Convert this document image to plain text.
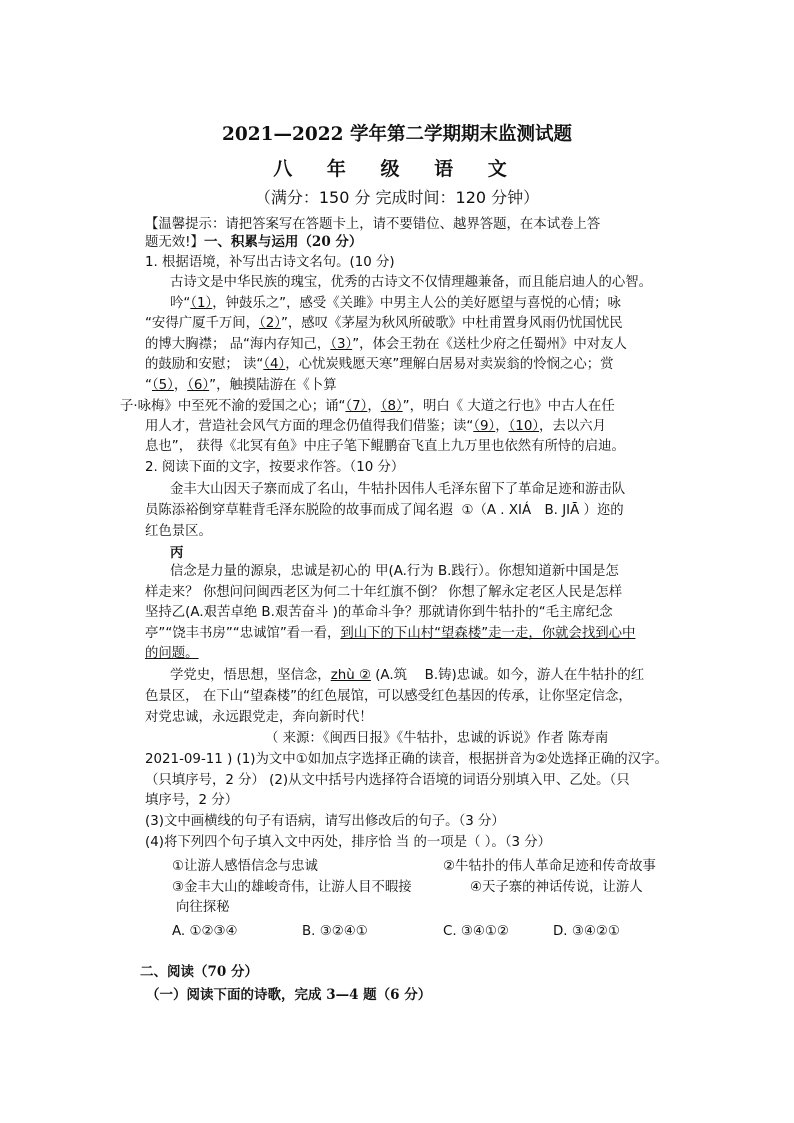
2021—2022 学年第二学期期末监测试题
八 年 级 语 文
（满分：150 分 完成时间：120 分钟）
【温馨提示：请把答案写在答题卡上，请不要错位、越界答题，在本试卷上答
题无效!】一、积累与运用（20 分）
1. 根据语境，补写出古诗文名句。(10 分)
古诗文是中华民族的瑰宝，优秀的古诗文不仅情理趣兼备，而且能启迪人的心智。
吟“（1），钟鼓乐之”，感受《关雎》中男主人公的美好愿望与喜悦的心情；咏
“安得广厦千万间，（2）”，感叹《茅屋为秋风所破歌》中杜甫置身风雨仍忧国忧民
的博大胸襟； 品“海内存知己，（3）”，体会王勃在《送杜少府之任蜀州》中对友人
的鼓励和安慰； 读“（4），心忧炭贱愿天寒”理解白居易对卖炭翁的怜悯之心；赏
“（5），（6）”，触摸陆游在《卜算
子·咏梅》中至死不渝的爱国之心；诵“（7），（8）”，明白《 大道之行也》中古人在任
用人才，营造社会风气方面的理念仍值得我们借鉴；读“（9），（10），去以六月
息也”， 获得《北冥有鱼》中庄子笔下鲲鹏奋飞直上九万里也依然有所恃的启迪。
2. 阅读下面的文字，按要求作答。（10 分）
金丰大山因天子寨而成了名山，牛牯扑因伟人毛泽东留下了革命足迹和游击队
员陈添裕倒穿草鞋背毛泽东脱险的故事而成了闻名遐 ①（A . XIÁ　B. JIĀ ）迩的
红色景区。
丙
信念是力量的源泉，忠诚是初心的 甲(A.行为 B.践行）。你想知道新中国是怎
样走来？ 你想问问闽西老区为何二十年红旗不倒？ 你想了解永定老区人民是怎样
坚持乙(A.艰苦卓绝 B.艰苦奋斗 )的革命斗争？那就请你到牛牯扑的“毛主席纪念
亭”“饶丰书房”“忠诚馆”看一看，到山下的下山村“望森楼”走一走，你就会找到心中
的问题。
学党史，悟思想，坚信念，zhù ② (A.筑　 B.铸)忠诚。如今，游人在牛牯扑的红
色景区， 在下山“望森楼”的红色展馆，可以感受红色基因的传承，让你坚定信念，
对党忠诚，永远跟党走，奔向新时代！
（ 来源：《闽西日报》《牛牯扑，忠诚的诉说》作者 陈寿南
2021-09-11 ) (1)为文中①如加点字选择正确的读音，根据拼音为②处选择正确的汉字。
（只填序号，2 分） (2)从文中括号内选择符合语境的词语分别填入甲、乙处。（只
填序号，2 分）
(3)文中画横线的句子有语病，请写出修改后的句子。（3 分）
(4)将下列四个句子填入文中丙处，排序恰 当 的一项是（ ）。（3 分）
①让游人感悟信念与忠诚	②牛牯扑的伟人革命足迹和传奇故事
③金丰大山的雄峻奇伟，让游人目不暇接	④天子寨的神话传说，让游人
向往探秘
A. ①②③④	B. ③②④①	C. ③④①②	D. ③④②①
二、阅读（70 分）
（一）阅读下面的诗歌，完成 3—4 题（6 分）
